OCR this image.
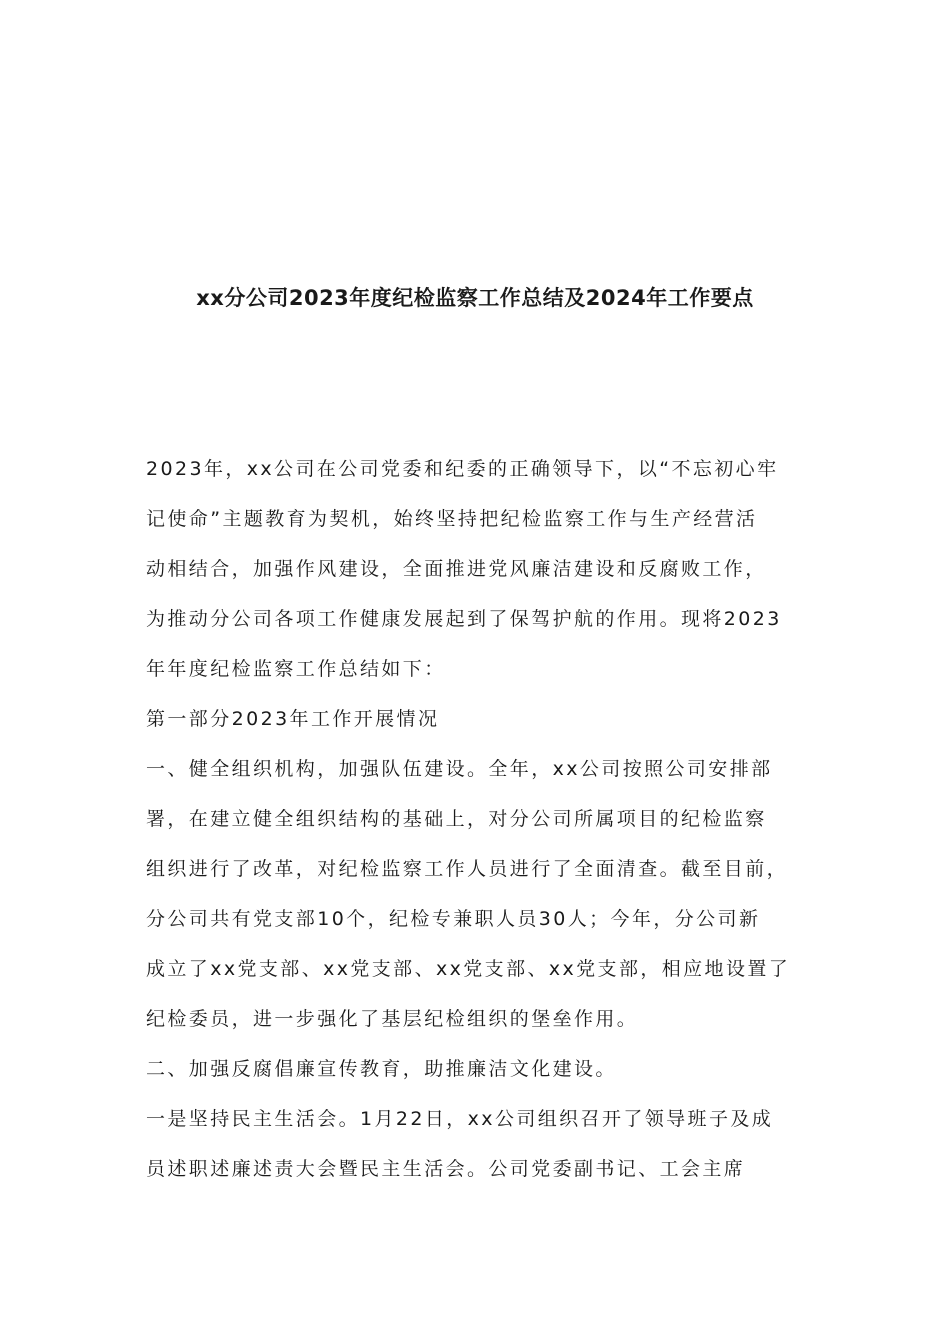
xx分公司2023年度纪检监察工作总结及2024年工作要点
2023年，xx公司在公司党委和纪委的正确领导下，以“不忘初心牢
记使命”主题教育为契机，始终坚持把纪检监察工作与生产经营活
动相结合，加强作风建设，全面推进党风廉洁建设和反腐败工作，
为推动分公司各项工作健康发展起到了保驾护航的作用。现将2023
年年度纪检监察工作总结如下：
第一部分2023年工作开展情况
一、健全组织机构，加强队伍建设。全年，xx公司按照公司安排部
署，在建立健全组织结构的基础上，对分公司所属项目的纪检监察
组织进行了改革，对纪检监察工作人员进行了全面清查。截至目前，
分公司共有党支部10个，纪检专兼职人员30人；今年，分公司新
成立了xx党支部、xx党支部、xx党支部、xx党支部，相应地设置了
纪检委员，进一步强化了基层纪检组织的堡垒作用。
二、加强反腐倡廉宣传教育，助推廉洁文化建设。
一是坚持民主生活会。1月22日，xx公司组织召开了领导班子及成
员述职述廉述责大会暨民主生活会。公司党委副书记、工会主席
